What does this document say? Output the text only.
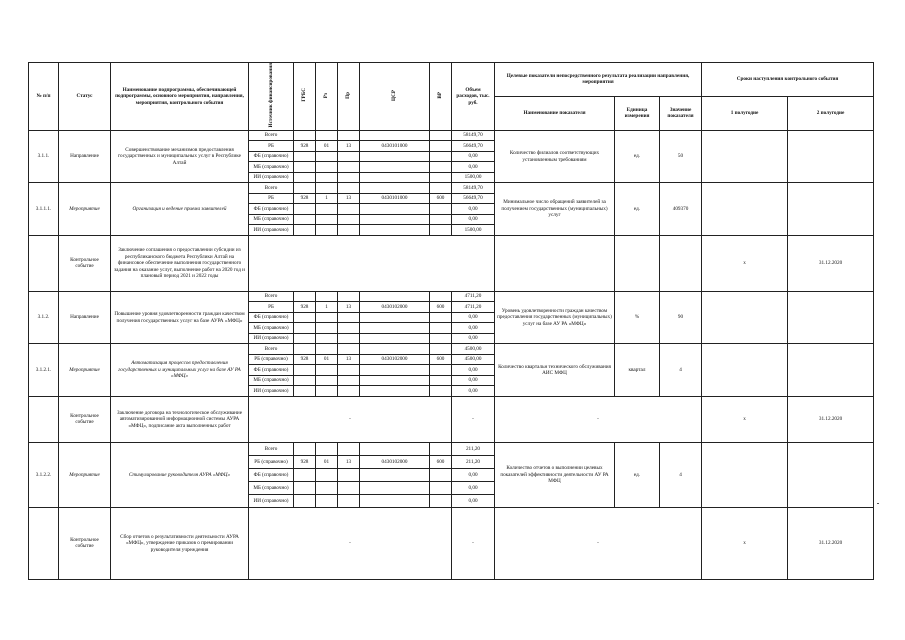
№ п/п	Статус	Наименование подпрограммы, обеспечивающей подпрограммы, основного мероприятия, направления, мероприятия, контрольного события	Источник финансирования	ГРБС	Рз	Пр	ЦСР	ВР	Объем расходов, тыс. руб.	Целевые показатели непосредственного результата реализации направления, мероприятия			Сроки наступления контрольного события	
										Наименование показателя	Единица измерения	Значение показателя	1 полугодие	2 полугодие
3.1.1.	Направление	Совершенствование механизмов предоставления государственных и муниципальных услуг в Республике Алтай	Всего						58149,70	Количество филиалов соответствующих установленным требованиям	ед.	50		
			РБ	928	01	13	0430101000		56649,70					
			ФБ (справочно)						0,00					
			МБ (справочно)						0,00					
			ИИ (справочно)						1500,00					
3.1.1.1.	Мероприятие	Организация и ведение приема заявителей	Всего						58149,70	Минимальное число обращений заявителей за получением государственных (муниципальных) услуг	ед.	409370		
			РБ	928	1	13	0430101000	600	56649,70					
			ФБ (справочно)						0,00					
			МБ (справочно)						0,00					
			ИИ (справочно)						1500,00					
	Контрольное событие	Заключение соглашения о предоставлении субсидии из республиканского бюджета Республики Алтай на финансовое обеспечение выполнения государственного задания на оказание услуг, выполнение работ на 2020 год и плановый период 2021 и 2022 годы											х	31.12.2020
3.1.2.	Направление	Повышение уровня удовлетворенности граждан качеством получения государственных услуг на базе АУРА «МФЦ»	Всего						4711,20	Уровень удовлетворенности граждан качеством предоставления государственных (муниципальных) услуг на базе АУ РА «МФЦ»	%	90		
			РБ	928	1	13	0430102000	600	4711,20					
			ФБ (справочно)						0,00					
			МБ (справочно)						0,00					
			ИИ (справочно)						0,00					
3.1.2.1.	Мероприятие	Автоматизация процессов предоставления государственных и муниципальных услуг на базе АУ РА «МФЦ»	Всего						4500,00	Количество квартальн технического обслуживания АИС МФЦ	квартал	4		
			РБ (справочно)	928	01	13	0430102000	600	4500,00					
			ФБ (справочно)						0,00					
			МБ (справочно)						0,00					
			ИИ (справочно)						0,00					
	Контрольное событие	Заключение договора на технологическое обслуживание автоматизированной информационной системы АУРА «МФЦ», подписание акта выполненных работ	-						-	-			х	31.12.2020
3.1.2.2.	Мероприятие	Стимулирование руководителя АУРА «МФЦ»	Всего						211,20	Количество отчетов о выполнении целевых показателей эффективности деятельности АУ РА МФЦ	ед.	4		
			РБ (справочно)	928	01	13	0430102000	600	211,20					
			ФБ (справочно)						0,00					
			МБ (справочно)						0,00					
			ИИ (справочно)						0,00					
	Контрольное событие	Сбор отчетов о результативности деятельности АУРА «МФЦ», утверждение приказов о премировании руководителя учреждения	-						-	-			х	31.12.2020
